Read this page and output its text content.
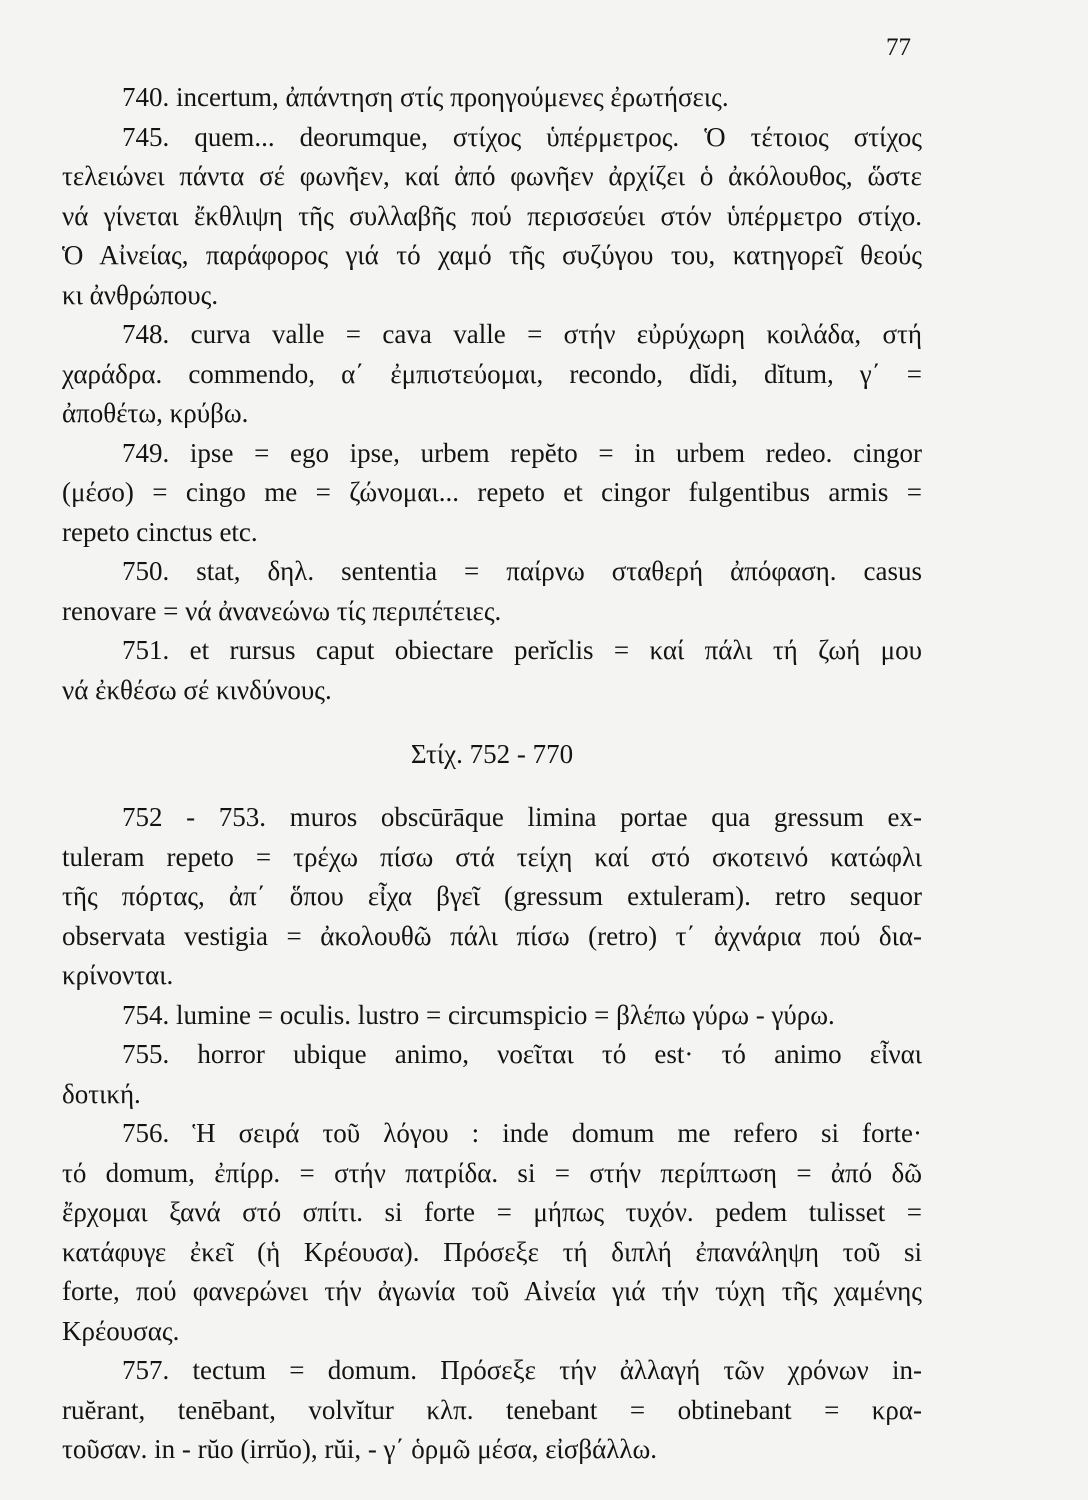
77
740. incertum, ἀπάντηση στίς προηγούμενες ἐρωτήσεις.
745. quem... deorumque, στίχος ὑπέρμετρος. Ὁ τέτοιος στίχος
τελειώνει πάντα σέ φωνῆεν, καί ἀπό φωνῆεν ἀρχίζει ὁ ἀκόλουθος, ὥστε
νά γίνεται ἔκθλιψη τῆς συλλαβῆς πού περισσεύει στόν ὑπέρμετρο στίχο.
Ὁ Αἰνείας, παράφορος γιά τό χαμό τῆς συζύγου του, κατηγορεῖ θεούς
κι ἀνθρώπους.
748. curva valle = cava valle = στήν εὐρύχωρη κοιλάδα, στή
χαράδρα. commendo, α΄ ἐμπιστεύομαι, recondo, dĭdi, dĭtum, γ΄ =
ἀποθέτω, κρύβω.
749. ipse = ego ipse, urbem repĕto = in urbem redeo. cingor
(μέσο) = cingo me = ζώνομαι... repeto et cingor fulgentibus armis =
repeto cinctus etc.
750. stat, δηλ. sententia = παίρνω σταθερή ἀπόφαση. casus
renovare = νά ἀνανεώνω τίς περιπέτειες.
751. et rursus caput obiectare perĭclis = καί πάλι τή ζωή μου
νά ἐκθέσω σέ κινδύνους.
Στίχ. 752 - 770
752 - 753. muros obscūrāque limina portae qua gressum ex-
tuleram repeto = τρέχω πίσω στά τείχη καί στό σκοτεινό κατώφλι
τῆς πόρτας, ἀπ΄ ὅπου εἶχα βγεῖ (gressum extuleram). retro sequor
observata vestigia = ἀκολουθῶ πάλι πίσω (retro) τ΄ ἀχνάρια πού δια-
κρίνονται.
754. lumine = oculis. lustro = circumspicio = βλέπω γύρω - γύρω.
755. horror ubique animo, νοεῖται τό est· τό animo εἶναι
δοτική.
756. Ἡ σειρά τοῦ λόγου : inde domum me refero si forte·
τό domum, ἐπίρρ. = στήν πατρίδα. si = στήν περίπτωση = ἀπό δῶ
ἔρχομαι ξανά στό σπίτι. si forte = μήπως τυχόν. pedem tulisset =
κατάφυγε ἐκεῖ (ἡ Κρέουσα). Πρόσεξε τή διπλή ἐπανάληψη τοῦ si
forte, πού φανερώνει τήν ἀγωνία τοῦ Αἰνεία γιά τήν τύχη τῆς χαμένης
Κρέουσας.
757. tectum = domum. Πρόσεξε τήν ἀλλαγή τῶν χρόνων in-
ruĕrant, tenēbant, volvĭtur κλπ. tenebant = obtinebant = κρα-
τοῦσαν. in - rŭo (irrŭo), rŭi, - γ΄ ὁρμῶ μέσα, εἰσβάλλω.
